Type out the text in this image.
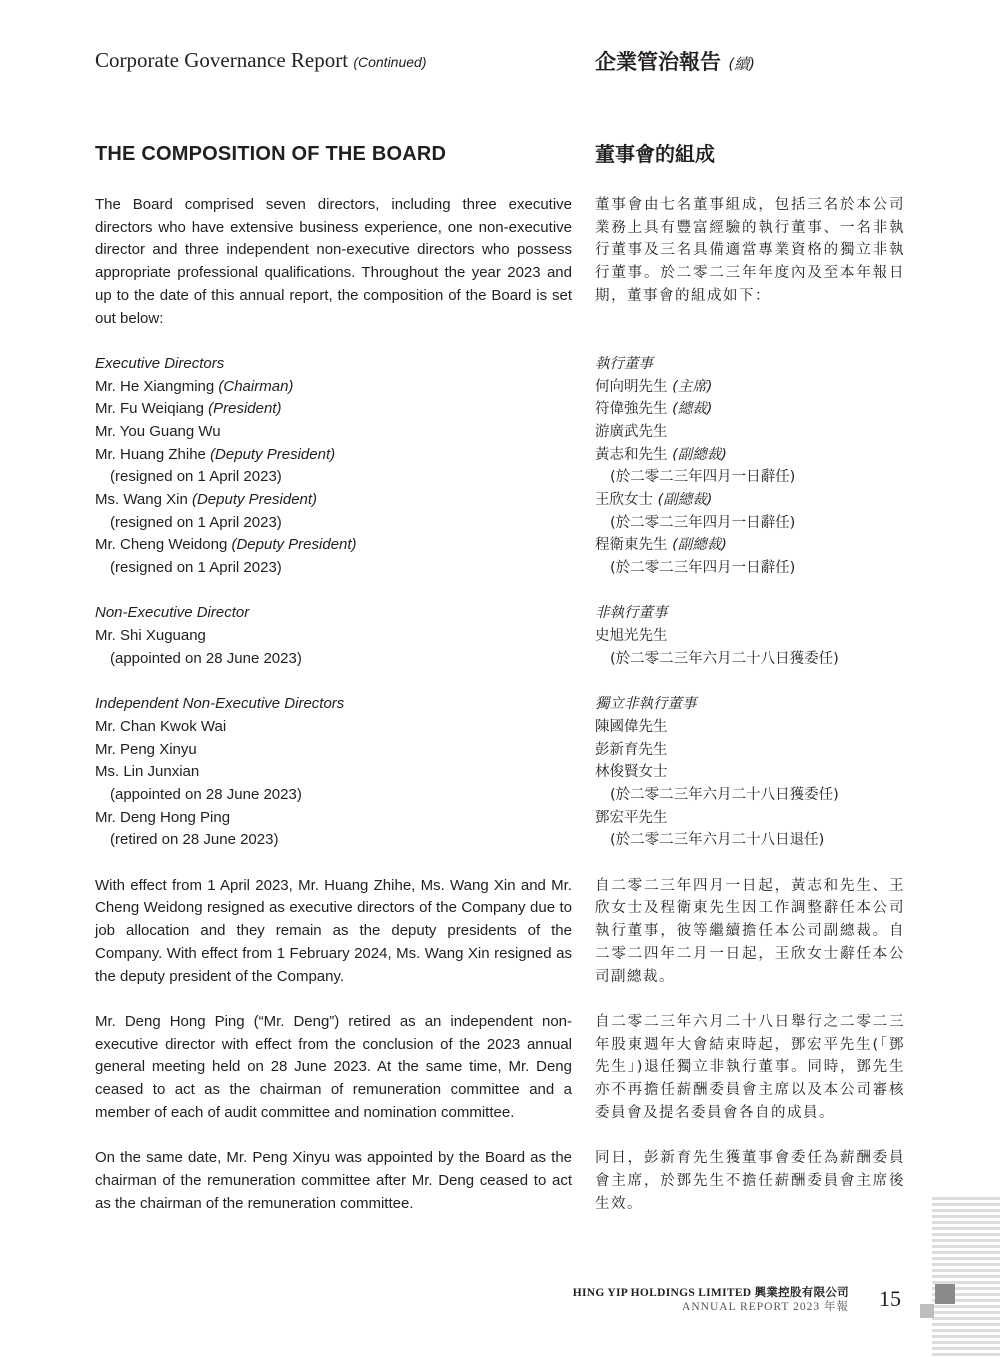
Corporate Governance Report (Continued)	企業管治報告 (續)
THE COMPOSITION OF THE BOARD

The Board comprised seven directors, including three executive directors who have extensive business experience, one non-executive director and three independent non-executive directors who possess appropriate professional qualifications. Throughout the year 2023 and up to the date of this annual report, the composition of the Board is set out below:

Executive Directors
Mr. He Xiangming (Chairman)
Mr. Fu Weiqiang (President)
Mr. You Guang Wu
Mr. Huang Zhihe (Deputy President)
(resigned on 1 April 2023)
Ms. Wang Xin (Deputy President)
(resigned on 1 April 2023)
Mr. Cheng Weidong (Deputy President)
(resigned on 1 April 2023)
Non-Executive Director
Mr. Shi Xuguang
(appointed on 28 June 2023)
Independent Non-Executive Directors
Mr. Chan Kwok Wai
Mr. Peng Xinyu
Ms. Lin Junxian
(appointed on 28 June 2023)
Mr. Deng Hong Ping
(retired on 28 June 2023)

With effect from 1 April 2023, Mr. Huang Zhihe, Ms. Wang Xin and Mr. Cheng Weidong resigned as executive directors of the Company due to job allocation and they remain as the deputy presidents of the Company. With effect from 1 February 2024, Ms. Wang Xin resigned as the deputy president of the Company.

Mr. Deng Hong Ping (“Mr. Deng”) retired as an independent non-executive director with effect from the conclusion of the 2023 annual general meeting held on 28 June 2023. At the same time, Mr. Deng ceased to act as the chairman of remuneration committee and a member of each of audit committee and nomination committee.

On the same date, Mr. Peng Xinyu was appointed by the Board as the chairman of the remuneration committee after Mr. Deng ceased to act as the chairman of the remuneration committee.

董事會的組成

董事會由七名董事組成，包括三名於本公司業務上具有豐富經驗的執行董事、一名非執行董事及三名具備適當專業資格的獨立非執行董事。於二零二三年年度內及至本年報日期，董事會的組成如下：

執行董事
何向明先生 (主席)
符偉強先生 (總裁)
游廣武先生
黃志和先生 (副總裁)
(於二零二三年四月一日辭任)
王欣女士 (副總裁)
(於二零二三年四月一日辭任)
程衛東先生 (副總裁)
(於二零二三年四月一日辭任)
非執行董事
史旭光先生
(於二零二三年六月二十八日獲委任)
獨立非執行董事
陳國偉先生
彭新育先生
林俊賢女士
(於二零二三年六月二十八日獲委任)
鄧宏平先生
(於二零二三年六月二十八日退任)

自二零二三年四月一日起，黃志和先生、王欣女士及程衛東先生因工作調整辭任本公司執行董事，彼等繼續擔任本公司副總裁。自二零二四年二月一日起，王欣女士辭任本公司副總裁。

自二零二三年六月二十八日舉行之二零二三年股東週年大會結束時起，鄧宏平先生(「鄧先生」)退任獨立非執行董事。同時，鄧先生亦不再擔任薪酬委員會主席以及本公司審核委員會及提名委員會各自的成員。

同日，彭新育先生獲董事會委任為薪酬委員會主席，於鄧先生不擔任薪酬委員會主席後生效。

HING YIP HOLDINGS LIMITED 興業控股有限公司
ANNUAL REPORT 2023 年報 15
